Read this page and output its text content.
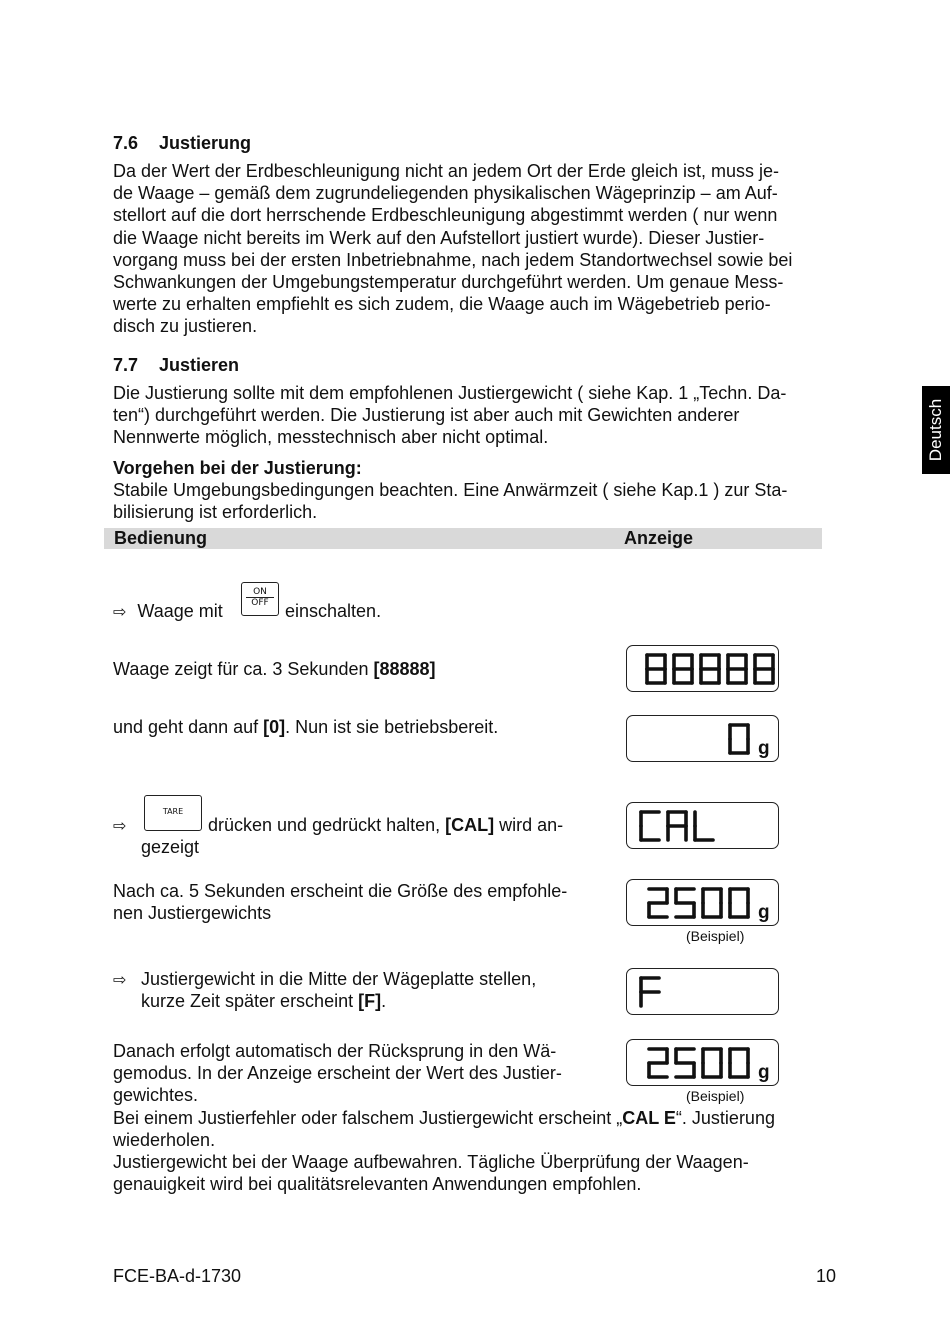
Deutsch
7.6 Justierung
Da der Wert der Erdbeschleunigung nicht an jedem Ort der Erde gleich ist, muss je-
de Waage – gemäß dem zugrundeliegenden physikalischen Wägeprinzip – am Auf-
stellort auf die dort herrschende Erdbeschleunigung abgestimmt werden ( nur wenn
die Waage nicht bereits im Werk auf den Aufstellort justiert wurde). Dieser Justier-
vorgang muss bei der ersten Inbetriebnahme, nach jedem Standortwechsel sowie bei
Schwankungen der Umgebungstemperatur durchgeführt werden. Um genaue Mess-
werte zu erhalten empfiehlt es sich zudem, die Waage auch im Wägebetrieb perio-
disch zu justieren.
7.7 Justieren
Die Justierung sollte mit dem empfohlenen Justiergewicht ( siehe Kap. 1 „Techn. Da-
ten“) durchgeführt werden. Die Justierung ist aber auch mit Gewichten anderer
Nennwerte möglich, messtechnisch aber nicht optimal.
Vorgehen bei der Justierung:
Stabile Umgebungsbedingungen beachten. Eine Anwärmzeit ( siehe Kap.1 ) zur Sta-
bilisierung ist erforderlich.
Bedienung	Anzeige
⇨ Waage mit
ON
OFF einschalten.
Waage zeigt für ca. 3 Sekunden [88888]
und geht dann auf [0]. Nun ist sie betriebsbereit.
⇨
TARE
drücken und gedrückt halten, [CAL] wird an-
gezeigt
Nach ca. 5 Sekunden erscheint die Größe des empfohle-
nen Justiergewichts
⇨ Justiergewicht in die Mitte der Wägeplatte stellen,
kurze Zeit später erscheint [F].
Danach erfolgt automatisch der Rücksprung in den Wä-
gemodus. In der Anzeige erscheint der Wert des Justier-
gewichtes.
Bei einem Justierfehler oder falschem Justiergewicht erscheint „CAL E“. Justierung
wiederholen.
Justiergewicht bei der Waage aufbewahren. Tägliche Überprüfung der Waagen-
genauigkeit wird bei qualitätsrelevanten Anwendungen empfohlen.
g
g
(Beispiel)
g
(Beispiel)
FCE-BA-d-1730	10
